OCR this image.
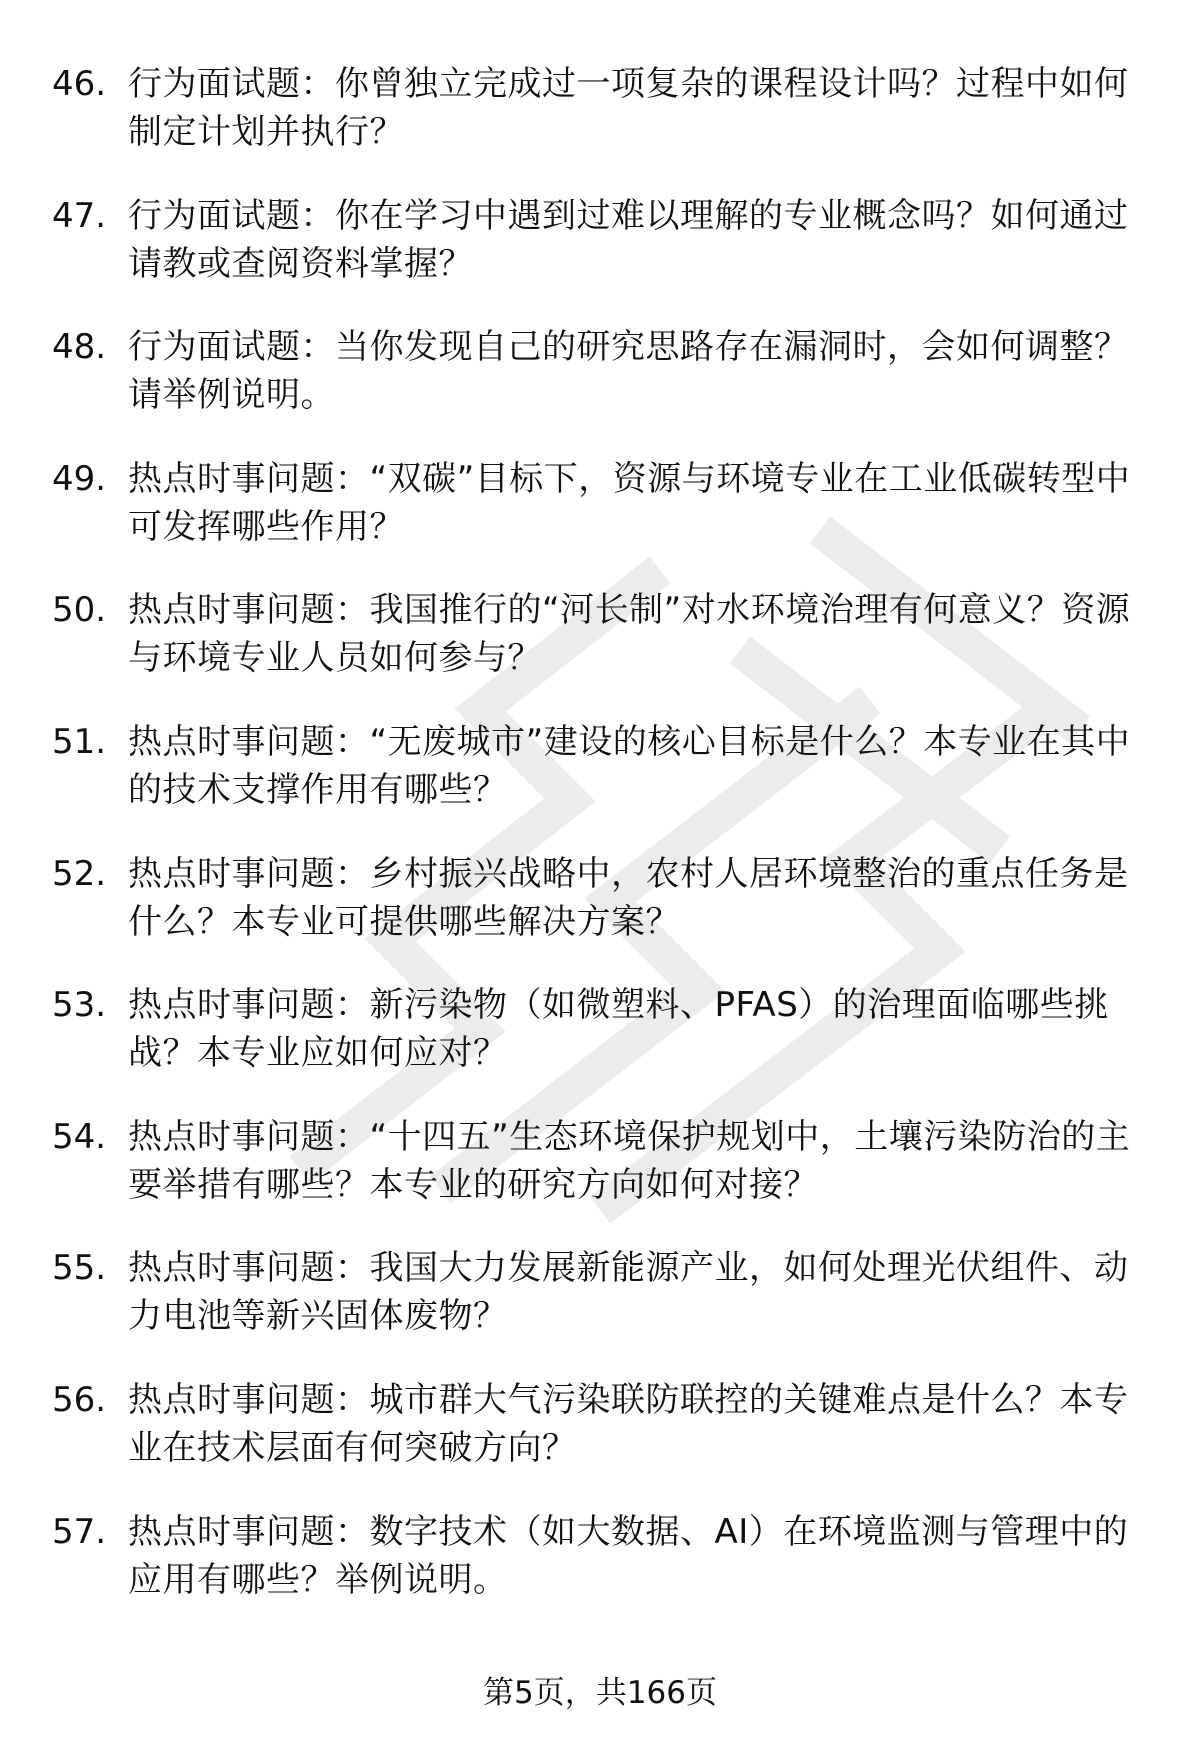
46. 行为面试题：你曾独立完成过一项复杂的课程设计吗？过程中如何制定计划并执行？
47. 行为面试题：你在学习中遇到过难以理解的专业概念吗？如何通过请教或查阅资料掌握？
48. 行为面试题：当你发现自己的研究思路存在漏洞时，会如何调整？请举例说明。
49. 热点时事问题：“双碳”目标下，资源与环境专业在工业低碳转型中可发挥哪些作用？
50. 热点时事问题：我国推行的“河长制”对水环境治理有何意义？资源与环境专业人员如何参与？
51. 热点时事问题：“无废城市”建设的核心目标是什么？本专业在其中的技术支撑作用有哪些？
52. 热点时事问题：乡村振兴战略中，农村人居环境整治的重点任务是什么？本专业可提供哪些解决方案？
53. 热点时事问题：新污染物（如微塑料、PFAS）的治理面临哪些挑战？本专业应如何应对？
54. 热点时事问题：“十四五”生态环境保护规划中，土壤污染防治的主要举措有哪些？本专业的研究方向如何对接？
55. 热点时事问题：我国大力发展新能源产业，如何处理光伏组件、动力电池等新兴固体废物？
56. 热点时事问题：城市群大气污染联防联控的关键难点是什么？本专业在技术层面有何突破方向？
57. 热点时事问题：数字技术（如大数据、AI）在环境监测与管理中的应用有哪些？举例说明。
第5页，共166页
